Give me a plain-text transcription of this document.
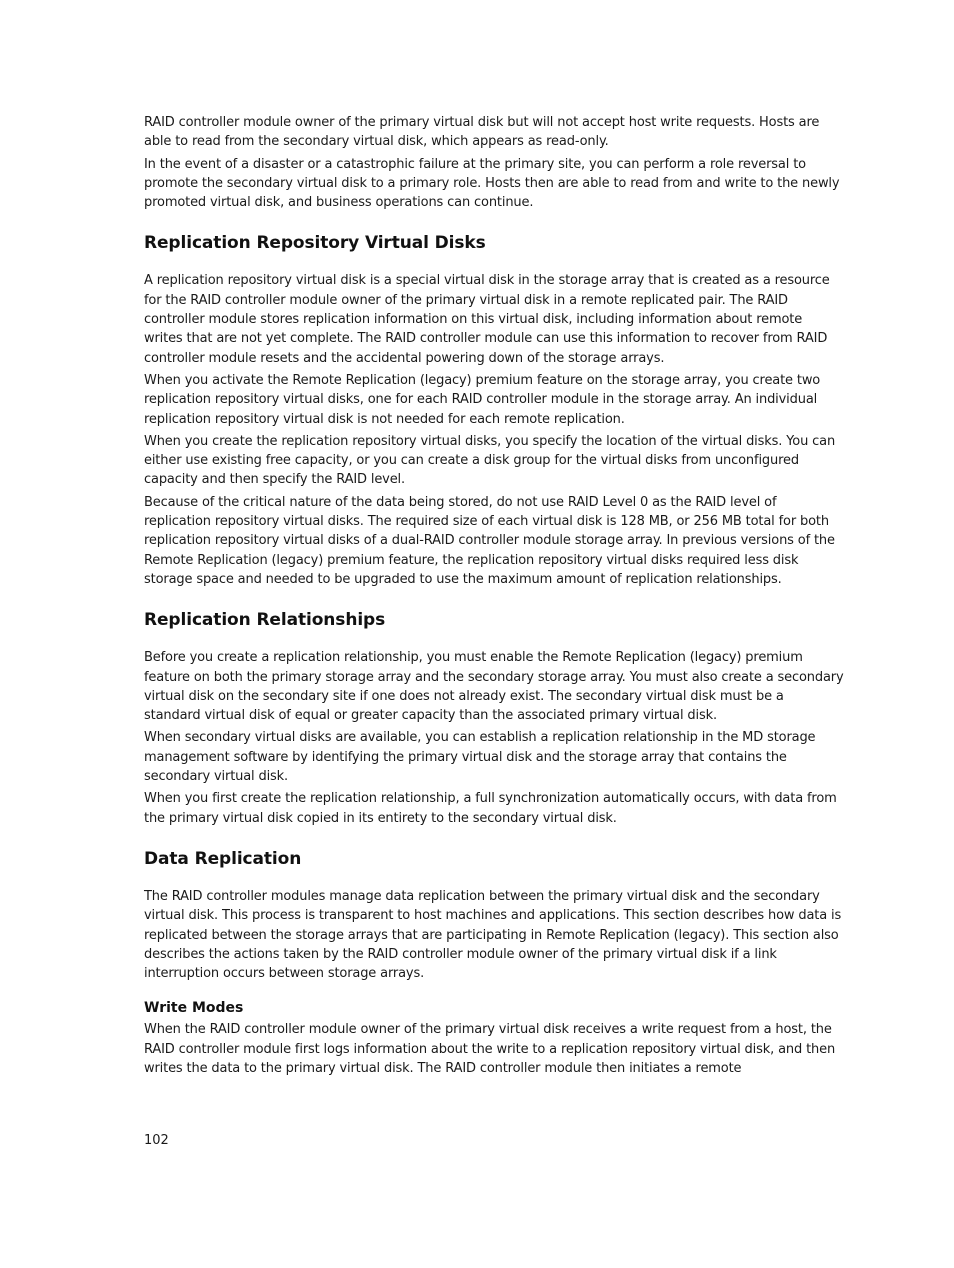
RAID controller module owner of the primary virtual disk but will not accept host write requests. Hosts are able to read from the secondary virtual disk, which appears as read-only.

In the event of a disaster or a catastrophic failure at the primary site, you can perform a role reversal to promote the secondary virtual disk to a primary role. Hosts then are able to read from and write to the newly promoted virtual disk, and business operations can continue.

Replication Repository Virtual Disks

A replication repository virtual disk is a special virtual disk in the storage array that is created as a resource for the RAID controller module owner of the primary virtual disk in a remote replicated pair. The RAID controller module stores replication information on this virtual disk, including information about remote writes that are not yet complete. The RAID controller module can use this information to recover from RAID controller module resets and the accidental powering down of the storage arrays.

When you activate the Remote Replication (legacy) premium feature on the storage array, you create two replication repository virtual disks, one for each RAID controller module in the storage array. An individual replication repository virtual disk is not needed for each remote replication.

When you create the replication repository virtual disks, you specify the location of the virtual disks. You can either use existing free capacity, or you can create a disk group for the virtual disks from unconfigured capacity and then specify the RAID level.

Because of the critical nature of the data being stored, do not use RAID Level 0 as the RAID level of replication repository virtual disks. The required size of each virtual disk is 128 MB, or 256 MB total for both replication repository virtual disks of a dual-RAID controller module storage array. In previous versions of the Remote Replication (legacy) premium feature, the replication repository virtual disks required less disk storage space and needed to be upgraded to use the maximum amount of replication relationships.

Replication Relationships

Before you create a replication relationship, you must enable the Remote Replication (legacy) premium feature on both the primary storage array and the secondary storage array. You must also create a secondary virtual disk on the secondary site if one does not already exist. The secondary virtual disk must be a standard virtual disk of equal or greater capacity than the associated primary virtual disk.

When secondary virtual disks are available, you can establish a replication relationship in the MD storage management software by identifying the primary virtual disk and the storage array that contains the secondary virtual disk.

When you first create the replication relationship, a full synchronization automatically occurs, with data from the primary virtual disk copied in its entirety to the secondary virtual disk.

Data Replication

The RAID controller modules manage data replication between the primary virtual disk and the secondary virtual disk. This process is transparent to host machines and applications. This section describes how data is replicated between the storage arrays that are participating in Remote Replication (legacy). This section also describes the actions taken by the RAID controller module owner of the primary virtual disk if a link interruption occurs between storage arrays.

Write Modes

When the RAID controller module owner of the primary virtual disk receives a write request from a host, the RAID controller module first logs information about the write to a replication repository virtual disk, and then writes the data to the primary virtual disk. The RAID controller module then initiates a remote

102
